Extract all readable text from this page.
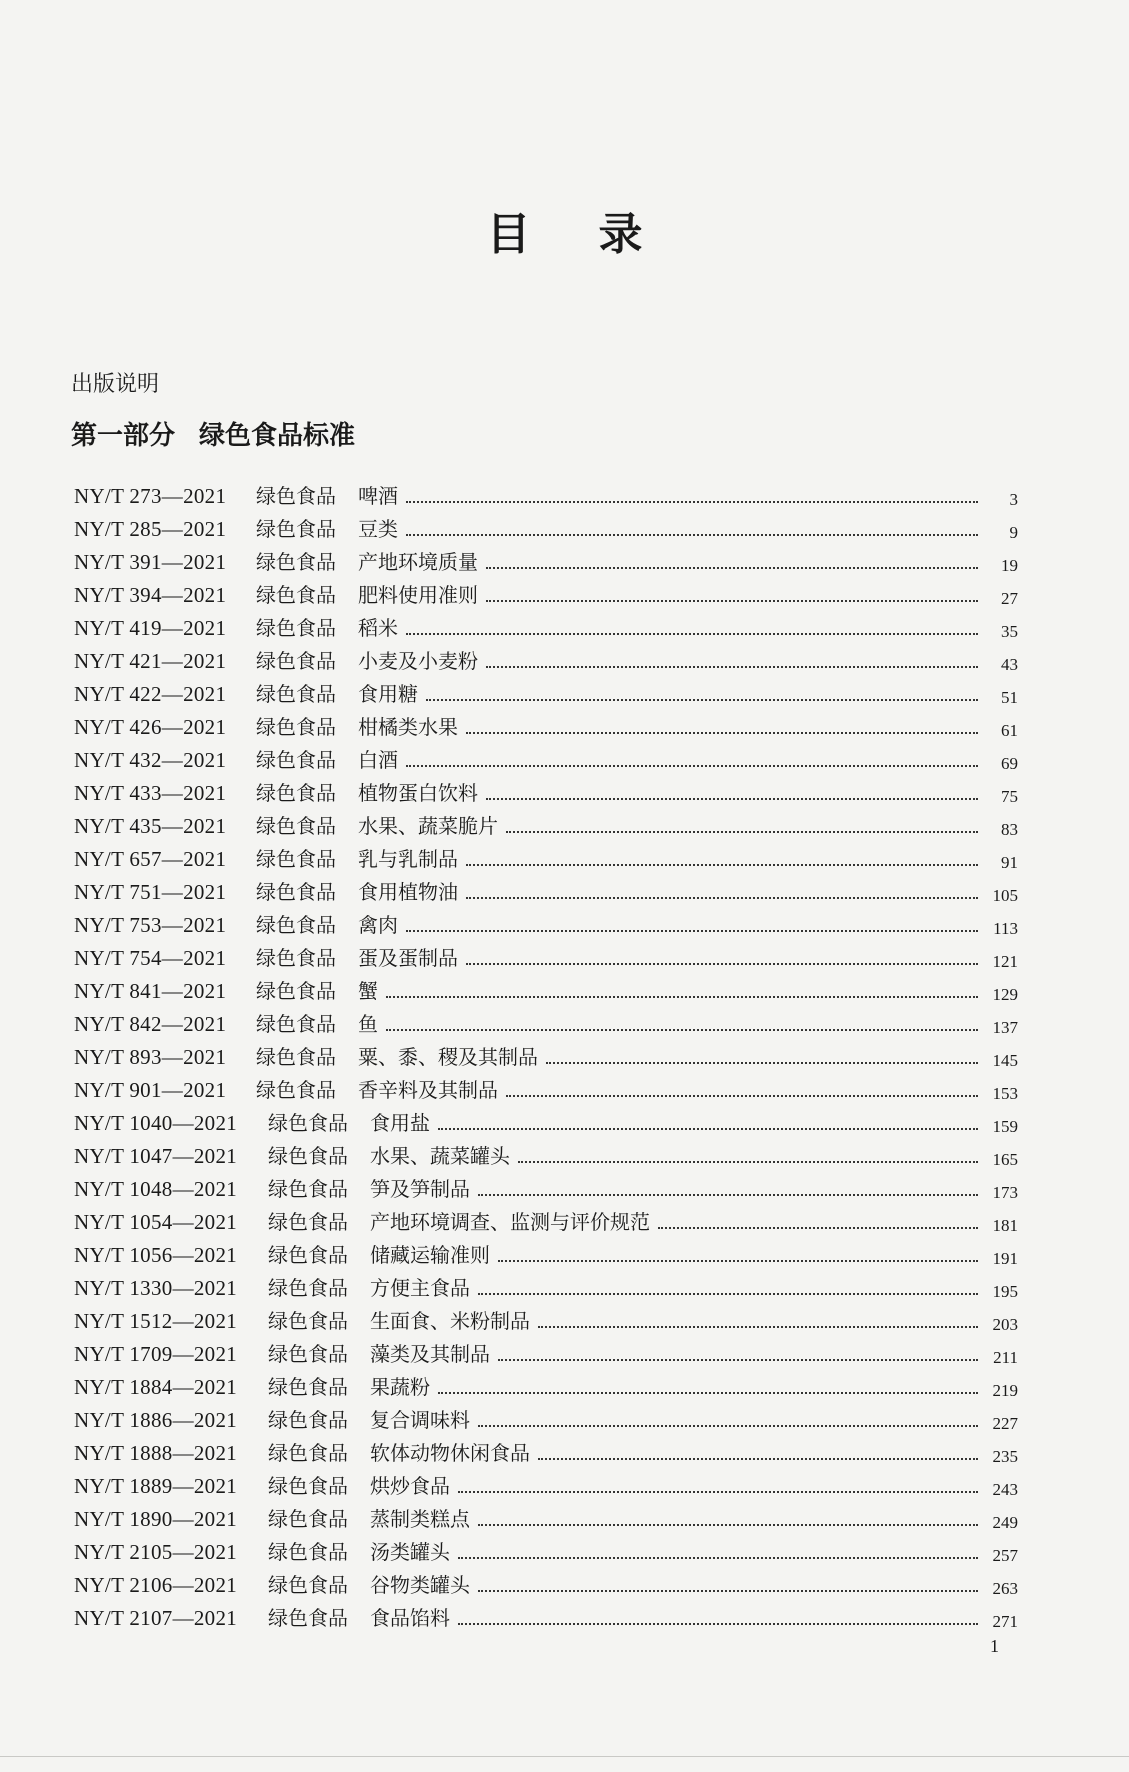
目 录
出版说明
第一部分 绿色食品标准
NY/T 273—2021	绿色食品	啤酒	3
NY/T 285—2021	绿色食品	豆类	9
NY/T 391—2021	绿色食品	产地环境质量	19
NY/T 394—2021	绿色食品	肥料使用准则	27
NY/T 419—2021	绿色食品	稻米	35
NY/T 421—2021	绿色食品	小麦及小麦粉	43
NY/T 422—2021	绿色食品	食用糖	51
NY/T 426—2021	绿色食品	柑橘类水果	61
NY/T 432—2021	绿色食品	白酒	69
NY/T 433—2021	绿色食品	植物蛋白饮料	75
NY/T 435—2021	绿色食品	水果、蔬菜脆片	83
NY/T 657—2021	绿色食品	乳与乳制品	91
NY/T 751—2021	绿色食品	食用植物油	105
NY/T 753—2021	绿色食品	禽肉	113
NY/T 754—2021	绿色食品	蛋及蛋制品	121
NY/T 841—2021	绿色食品	蟹	129
NY/T 842—2021	绿色食品	鱼	137
NY/T 893—2021	绿色食品	粟、黍、稷及其制品	145
NY/T 901—2021	绿色食品	香辛料及其制品	153
NY/T 1040—2021	绿色食品	食用盐	159
NY/T 1047—2021	绿色食品	水果、蔬菜罐头	165
NY/T 1048—2021	绿色食品	笋及笋制品	173
NY/T 1054—2021	绿色食品	产地环境调查、监测与评价规范	181
NY/T 1056—2021	绿色食品	储藏运输准则	191
NY/T 1330—2021	绿色食品	方便主食品	195
NY/T 1512—2021	绿色食品	生面食、米粉制品	203
NY/T 1709—2021	绿色食品	藻类及其制品	211
NY/T 1884—2021	绿色食品	果蔬粉	219
NY/T 1886—2021	绿色食品	复合调味料	227
NY/T 1888—2021	绿色食品	软体动物休闲食品	235
NY/T 1889—2021	绿色食品	烘炒食品	243
NY/T 1890—2021	绿色食品	蒸制类糕点	249
NY/T 2105—2021	绿色食品	汤类罐头	257
NY/T 2106—2021	绿色食品	谷物类罐头	263
NY/T 2107—2021	绿色食品	食品馅料	271
1
